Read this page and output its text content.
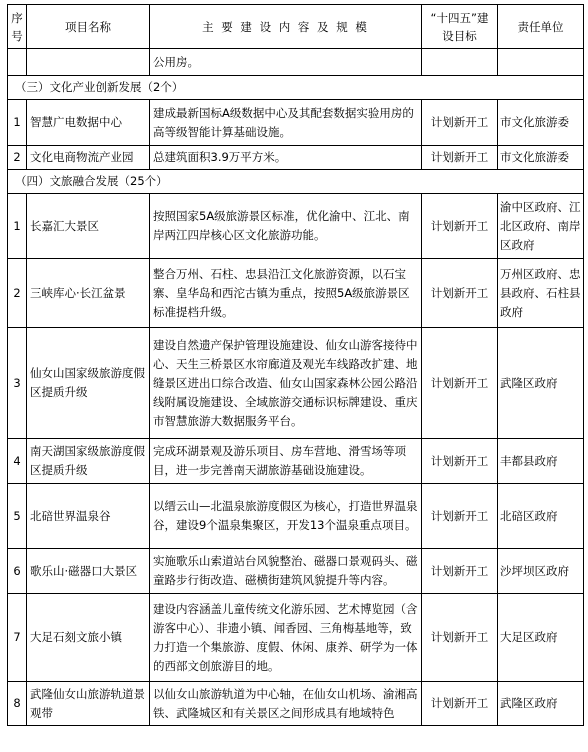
序号	项目名称	主 要 建 设 内 容 及 规 模	“十四五”建设目标	责任单位
		公用房。		
（三）文化产业创新发展（2个）				
1	智慧广电数据中心	建成最新国标A级数据中心及其配套数据实验用房的高等级智能计算基础设施。	计划新开工	市文化旅游委
2	文化电商物流产业园	总建筑面积3.9万平方米。	计划新开工	市文化旅游委
（四）文旅融合发展（25个）				
1	长嘉汇大景区	按照国家5A级旅游景区标准，优化渝中、江北、南岸两江四岸核心区文化旅游功能。	计划新开工	渝中区政府、江北区政府、南岸区政府
2	三峡库心·长江盆景	整合万州、石柱、忠县沿江文化旅游资源，以石宝寨、皇华岛和西沱古镇为重点，按照5A级旅游景区标准提档升级。	计划新开工	万州区政府、忠县政府、石柱县政府
3	仙女山国家级旅游度假区提质升级	建设自然遗产保护管理设施建设、仙女山游客接待中心、天生三桥景区水帘廊道及观光车线路改扩建、地缝景区进出口综合改造、仙女山国家森林公园公路沿线附属设施建设、全域旅游交通标识标牌建设、重庆市智慧旅游大数据服务平台。	计划新开工	武隆区政府
4	南天湖国家级旅游度假区提质升级	完成环湖景观及游乐项目、房车营地、滑雪场等项目，进一步完善南天湖旅游基础设施建设。	计划新开工	丰都县政府
5	北碚世界温泉谷	以缙云山—北温泉旅游度假区为核心，打造世界温泉谷，建设9个温泉集聚区，开发13个温泉重点项目。	计划新开工	北碚区政府
6	歌乐山·磁器口大景区	实施歌乐山索道站台风貌整治、磁器口景观码头、磁童路步行街改造、磁横街建筑风貌提升等内容。	计划新开工	沙坪坝区政府
7	大足石刻文旅小镇	建设内容涵盖儿童传统文化游乐园、艺术博览园（含游客中心）、非遗小镇、闻香园、三角梅基地等，致力打造一个集旅游、度假、休闲、康养、研学为一体的西部文创旅游目的地。	计划新开工	大足区政府
8	武隆仙女山旅游轨道景观带	以仙女山旅游轨道为中心轴，在仙女山机场、渝湘高铁、武隆城区和有关景区之间形成具有地域特色	计划新开工	武隆区政府
